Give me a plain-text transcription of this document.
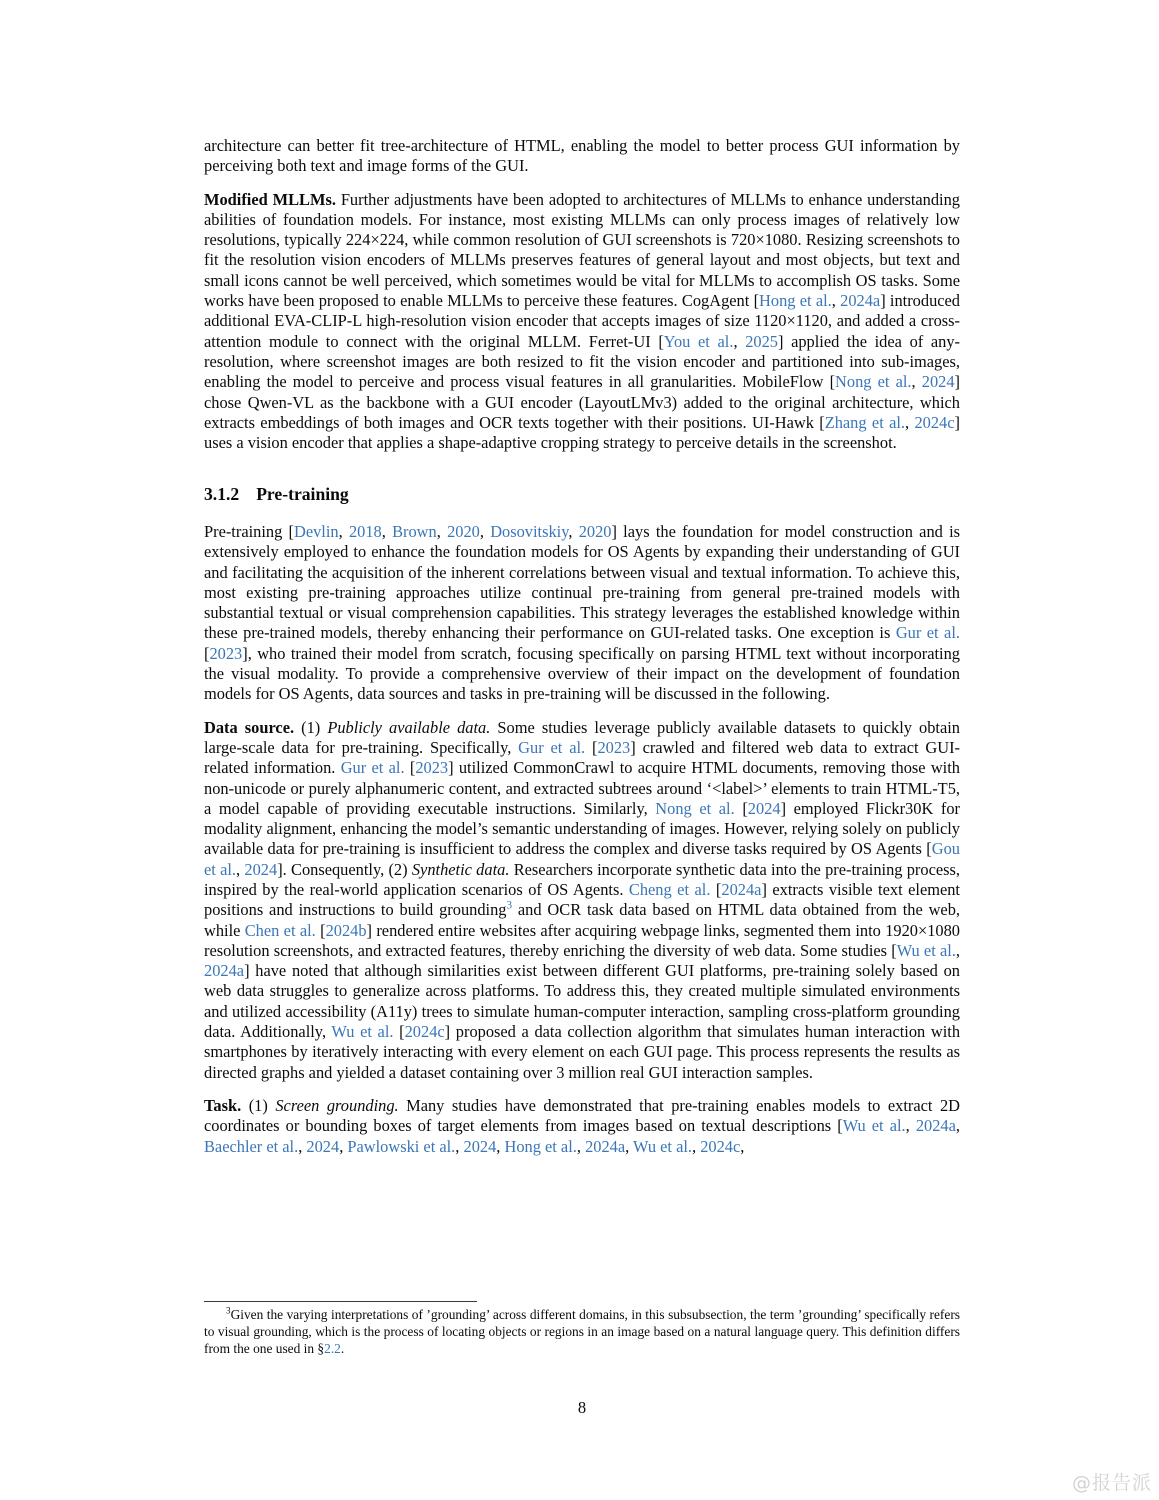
architecture can better fit tree-architecture of HTML, enabling the model to better process GUI information by perceiving both text and image forms of the GUI.

Modified MLLMs. Further adjustments have been adopted to architectures of MLLMs to enhance understanding abilities of foundation models. For instance, most existing MLLMs can only process images of relatively low resolutions, typically 224×224, while common resolution of GUI screenshots is 720×1080. Resizing screenshots to fit the resolution vision encoders of MLLMs preserves features of general layout and most objects, but text and small icons cannot be well perceived, which sometimes would be vital for MLLMs to accomplish OS tasks. Some works have been proposed to enable MLLMs to perceive these features. CogAgent [Hong et al., 2024a] introduced additional EVA-CLIP-L high-resolution vision encoder that accepts images of size 1120×1120, and added a cross-attention module to connect with the original MLLM. Ferret-UI [You et al., 2025] applied the idea of any-resolution, where screenshot images are both resized to fit the vision encoder and partitioned into sub-images, enabling the model to perceive and process visual features in all granularities. MobileFlow [Nong et al., 2024] chose Qwen-VL as the backbone with a GUI encoder (LayoutLMv3) added to the original architecture, which extracts embeddings of both images and OCR texts together with their positions. UI-Hawk [Zhang et al., 2024c] uses a vision encoder that applies a shape-adaptive cropping strategy to perceive details in the screenshot.

3.1.2 Pre-training

Pre-training [Devlin, 2018, Brown, 2020, Dosovitskiy, 2020] lays the foundation for model construction and is extensively employed to enhance the foundation models for OS Agents by expanding their understanding of GUI and facilitating the acquisition of the inherent correlations between visual and textual information. To achieve this, most existing pre-training approaches utilize continual pre-training from general pre-trained models with substantial textual or visual comprehension capabilities. This strategy leverages the established knowledge within these pre-trained models, thereby enhancing their performance on GUI-related tasks. One exception is Gur et al. [2023], who trained their model from scratch, focusing specifically on parsing HTML text without incorporating the visual modality. To provide a comprehensive overview of their impact on the development of foundation models for OS Agents, data sources and tasks in pre-training will be discussed in the following.

Data source. (1) Publicly available data. Some studies leverage publicly available datasets to quickly obtain large-scale data for pre-training. Specifically, Gur et al. [2023] crawled and filtered web data to extract GUI-related information. Gur et al. [2023] utilized CommonCrawl to acquire HTML documents, removing those with non-unicode or purely alphanumeric content, and extracted subtrees around ‘<label>’ elements to train HTML-T5, a model capable of providing executable instructions. Similarly, Nong et al. [2024] employed Flickr30K for modality alignment, enhancing the model’s semantic understanding of images. However, relying solely on publicly available data for pre-training is insufficient to address the complex and diverse tasks required by OS Agents [Gou et al., 2024]. Consequently, (2) Synthetic data. Researchers incorporate synthetic data into the pre-training process, inspired by the real-world application scenarios of OS Agents. Cheng et al. [2024a] extracts visible text element positions and instructions to build grounding$^3$ and OCR task data based on HTML data obtained from the web, while Chen et al. [2024b] rendered entire websites after acquiring webpage links, segmented them into 1920×1080 resolution screenshots, and extracted features, thereby enriching the diversity of web data. Some studies [Wu et al., 2024a] have noted that although similarities exist between different GUI platforms, pre-training solely based on web data struggles to generalize across platforms. To address this, they created multiple simulated environments and utilized accessibility (A11y) trees to simulate human-computer interaction, sampling cross-platform grounding data. Additionally, Wu et al. [2024c] proposed a data collection algorithm that simulates human interaction with smartphones by iteratively interacting with every element on each GUI page. This process represents the results as directed graphs and yielded a dataset containing over 3 million real GUI interaction samples.

Task. (1) Screen grounding. Many studies have demonstrated that pre-training enables models to extract 2D coordinates or bounding boxes of target elements from images based on textual descriptions [Wu et al., 2024a, Baechler et al., 2024, Pawlowski et al., 2024, Hong et al., 2024a, Wu et al., 2024c,

$^3$Given the varying interpretations of ’grounding’ across different domains, in this subsubsection, the term ’grounding’ specifically refers to visual grounding, which is the process of locating objects or regions in an image based on a natural language query. This definition differs from the one used in §2.2.

8
@报告派
